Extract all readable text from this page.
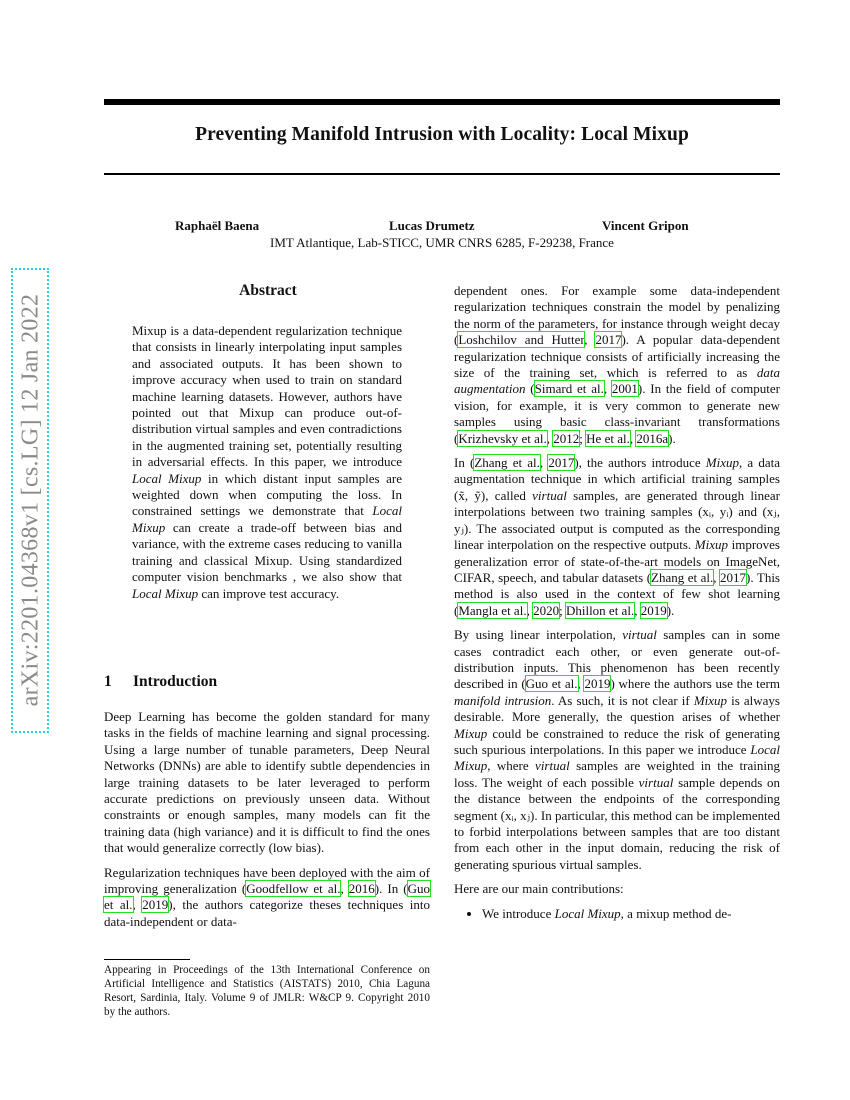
Preventing Manifold Intrusion with Locality: Local Mixup
Raphaël Baena	Lucas Drumetz	Vincent Gripon
IMT Atlantique, Lab-STICC, UMR CNRS 6285, F-29238, France
arXiv:2201.04368v1 [cs.LG] 12 Jan 2022
Abstract
Mixup is a data-dependent regularization technique that consists in linearly interpolating input samples and associated outputs. It has been shown to improve accuracy when used to train on standard machine learning datasets. However, authors have pointed out that Mixup can produce out-of-distribution virtual samples and even contradictions in the augmented training set, potentially resulting in adversarial effects. In this paper, we introduce Local Mixup in which distant input samples are weighted down when computing the loss. In constrained settings we demonstrate that Local Mixup can create a trade-off between bias and variance, with the extreme cases reducing to vanilla training and classical Mixup. Using standardized computer vision benchmarks , we also show that Local Mixup can improve test accuracy.
1 Introduction

Deep Learning has become the golden standard for many tasks in the fields of machine learning and signal processing. Using a large number of tunable parameters, Deep Neural Networks (DNNs) are able to identify subtle dependencies in large training datasets to be later leveraged to perform accurate predictions on previously unseen data. Without constraints or enough samples, many models can fit the training data (high variance) and it is difficult to find the ones that would generalize correctly (low bias).

Regularization techniques have been deployed with the aim of improving generalization (Goodfellow et al., 2016). In (Guo et al., 2019), the authors categorize theses techniques into data-independent or data-

Appearing in Proceedings of the 13th International Conference on Artificial Intelligence and Statistics (AISTATS) 2010, Chia Laguna Resort, Sardinia, Italy. Volume 9 of JMLR: W&CP 9. Copyright 2010 by the authors.

dependent ones. For example some data-independent regularization techniques constrain the model by penalizing the norm of the parameters, for instance through weight decay (Loshchilov and Hutter, 2017). A popular data-dependent regularization technique consists of artificially increasing the size of the training set, which is referred to as data augmentation (Simard et al., 2001). In the field of computer vision, for example, it is very common to generate new samples using basic class-invariant transformations (Krizhevsky et al., 2012; He et al., 2016a).

In (Zhang et al., 2017), the authors introduce Mixup, a data augmentation technique in which artificial training samples (x̃, ỹ), called virtual samples, are generated through linear interpolations between two training samples (xᵢ, yᵢ) and (xⱼ, yⱼ). The associated output is computed as the corresponding linear interpolation on the respective outputs. Mixup improves generalization error of state-of-the-art models on ImageNet, CIFAR, speech, and tabular datasets (Zhang et al., 2017). This method is also used in the context of few shot learning (Mangla et al., 2020; Dhillon et al., 2019).

By using linear interpolation, virtual samples can in some cases contradict each other, or even generate out-of-distribution inputs. This phenomenon has been recently described in (Guo et al., 2019) where the authors use the term manifold intrusion. As such, it is not clear if Mixup is always desirable. More generally, the question arises of whether Mixup could be constrained to reduce the risk of generating such spurious interpolations. In this paper we introduce Local Mixup, where virtual samples are weighted in the training loss. The weight of each possible virtual sample depends on the distance between the endpoints of the corresponding segment (xᵢ, xⱼ). In particular, this method can be implemented to forbid interpolations between samples that are too distant from each other in the input domain, reducing the risk of generating spurious virtual samples.

Here are our main contributions:

• We introduce Local Mixup, a mixup method de-
